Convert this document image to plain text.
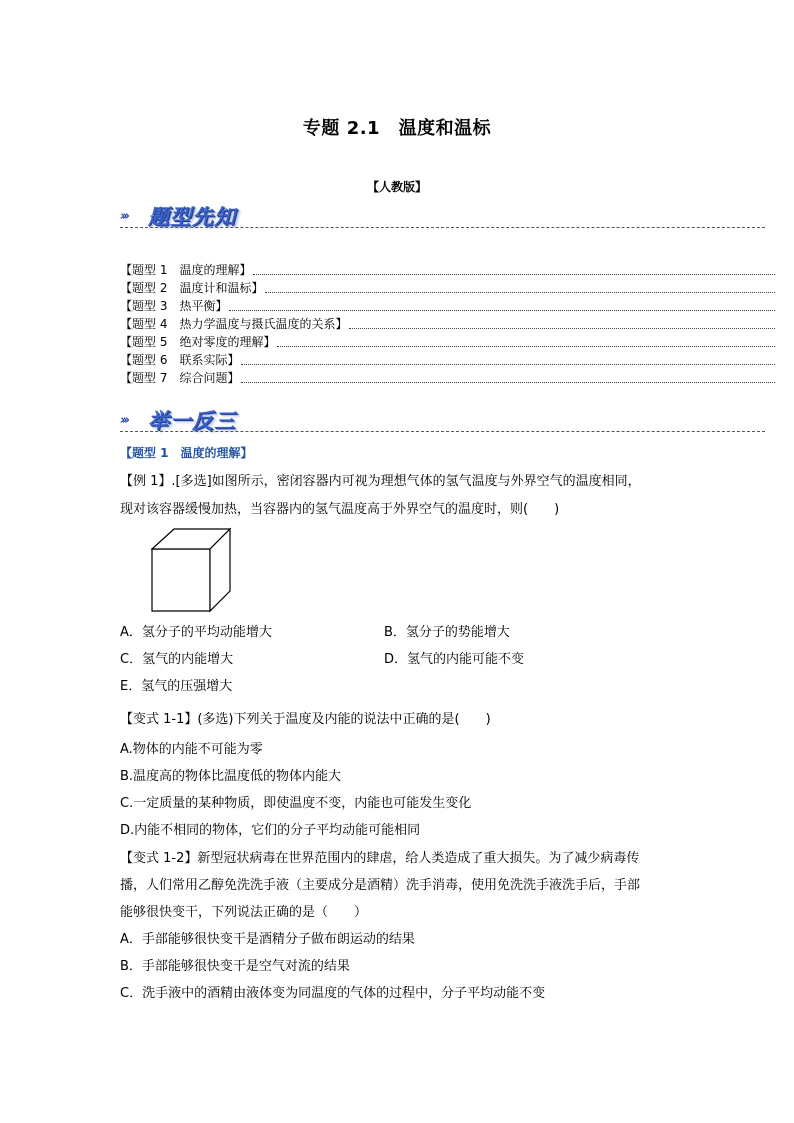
专题 2.1　温度和温标
【人教版】
››› 题型先知
【题型 1　温度的理解】
【题型 2　温度计和温标】
【题型 3　热平衡】
【题型 4　热力学温度与摄氏温度的关系】
【题型 5　绝对零度的理解】
【题型 6　联系实际】
【题型 7　综合问题】
››› 举一反三
【题型 1　温度的理解】
【例 1】.[多选]如图所示，密闭容器内可视为理想气体的氢气温度与外界空气的温度相同，
现对该容器缓慢加热，当容器内的氢气温度高于外界空气的温度时，则(　　)
A．氢分子的平均动能增大	B．氢分子的势能增大
C．氢气的内能增大	D．氢气的内能可能不变
E．氢气的压强增大
【变式 1-1】(多选)下列关于温度及内能的说法中正确的是(　　)
A.物体的内能不可能为零
B.温度高的物体比温度低的物体内能大
C.一定质量的某种物质，即使温度不变，内能也可能发生变化
D.内能不相同的物体，它们的分子平均动能可能相同
【变式 1-2】新型冠状病毒在世界范围内的肆虐，给人类造成了重大损失。为了减少病毒传
播，人们常用乙醇免洗洗手液（主要成分是酒精）洗手消毒，使用免洗洗手液洗手后，手部
能够很快变干，下列说法正确的是（　　）
A．手部能够很快变干是酒精分子做布朗运动的结果
B．手部能够很快变干是空气对流的结果
C．洗手液中的酒精由液体变为同温度的气体的过程中，分子平均动能不变
